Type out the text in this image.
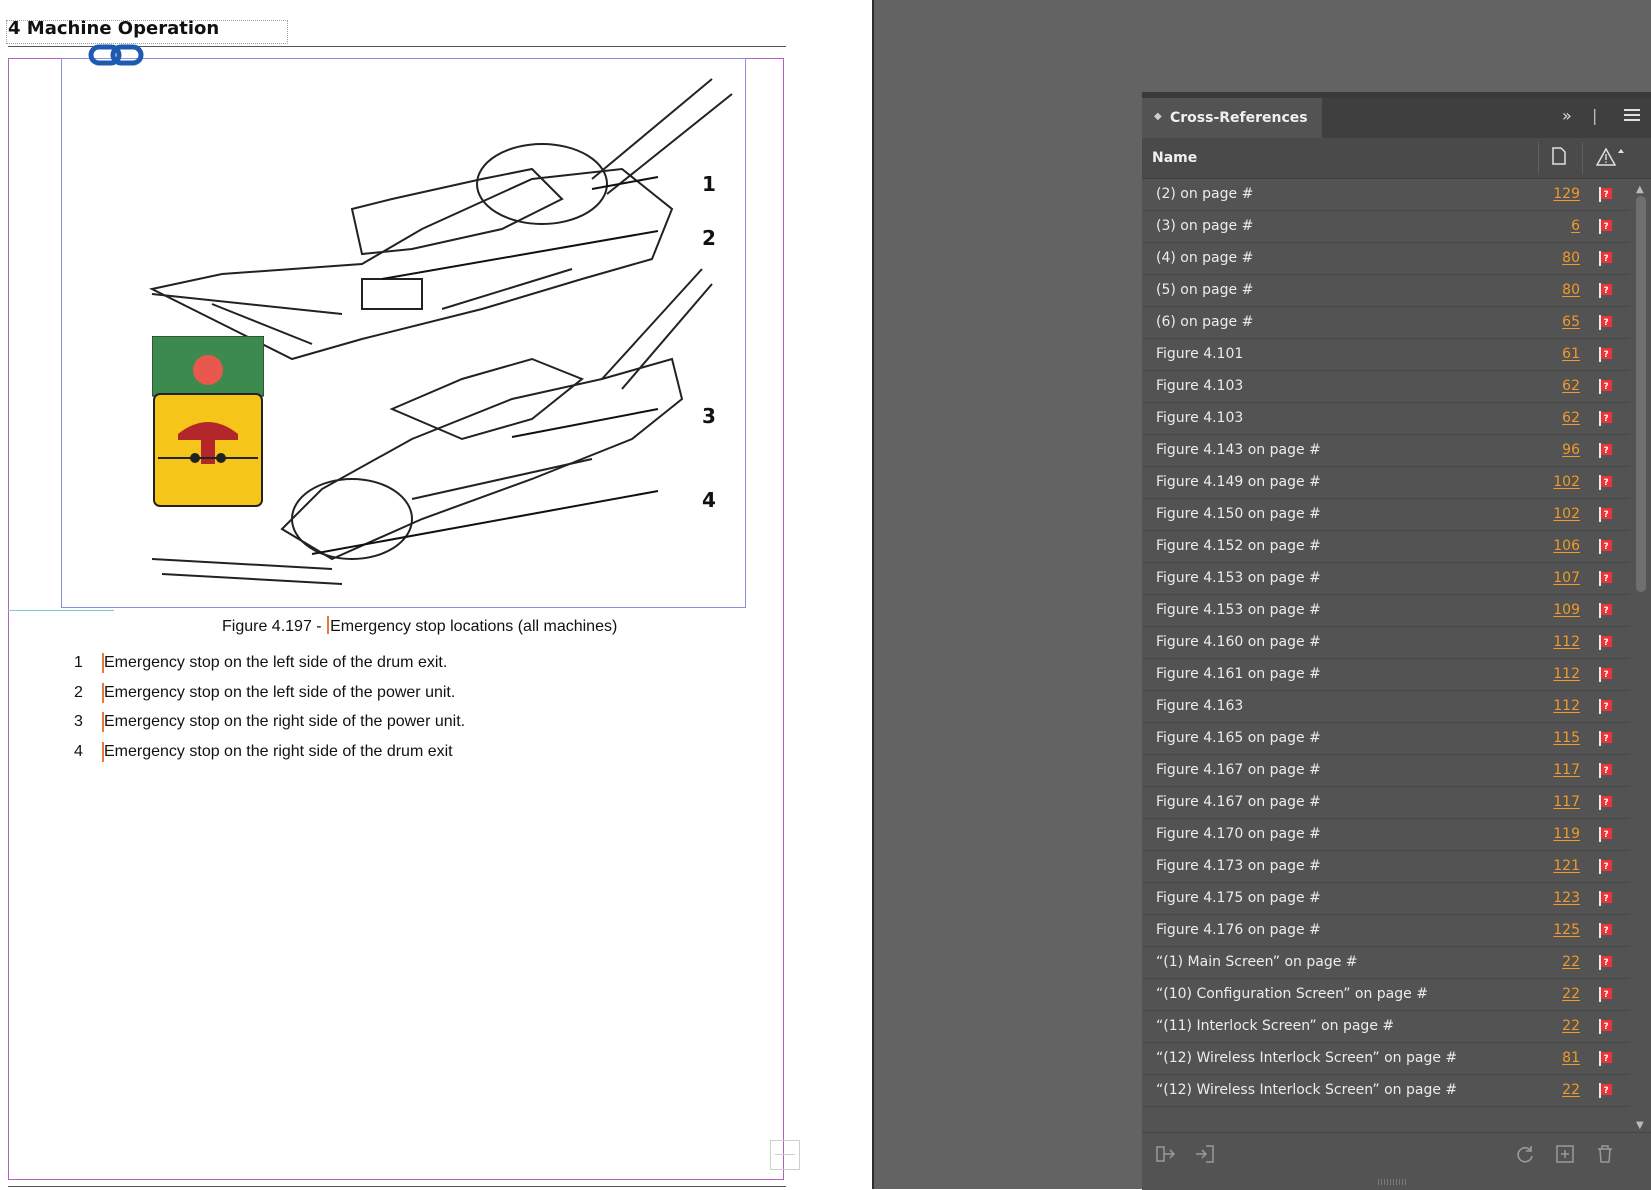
4 Machine Operation
1
2
3
4
Figure 4.197 - Emergency stop locations (all machines)
1	Emergency stop on the left side of the drum exit.
2	Emergency stop on the left side of the power unit.
3	Emergency stop on the right side of the power unit.
4	Emergency stop on the right side of the drum exit
◆ Cross-References	» |
Name
(2) on page #	129	?
(3) on page #	6	?
(4) on page #	80	?
(5) on page #	80	?
(6) on page #	65	?
Figure 4.101	61	?
Figure 4.103	62	?
Figure 4.103	62	?
Figure 4.143 on page #	96	?
Figure 4.149 on page #	102	?
Figure 4.150 on page #	102	?
Figure 4.152 on page #	106	?
Figure 4.153 on page #	107	?
Figure 4.153 on page #	109	?
Figure 4.160 on page #	112	?
Figure 4.161 on page #	112	?
Figure 4.163	112	?
Figure 4.165 on page #	115	?
Figure 4.167 on page #	117	?
Figure 4.167 on page #	117	?
Figure 4.170 on page #	119	?
Figure 4.173 on page #	121	?
Figure 4.175 on page #	123	?
Figure 4.176 on page #	125	?
“(1) Main Screen” on page #	22	?
“(10) Configuration Screen” on page #	22	?
“(11) Interlock Screen” on page #	22	?
“(12) Wireless Interlock Screen” on page #	81	?
“(12) Wireless Interlock Screen” on page #	22	?
▲
▼
